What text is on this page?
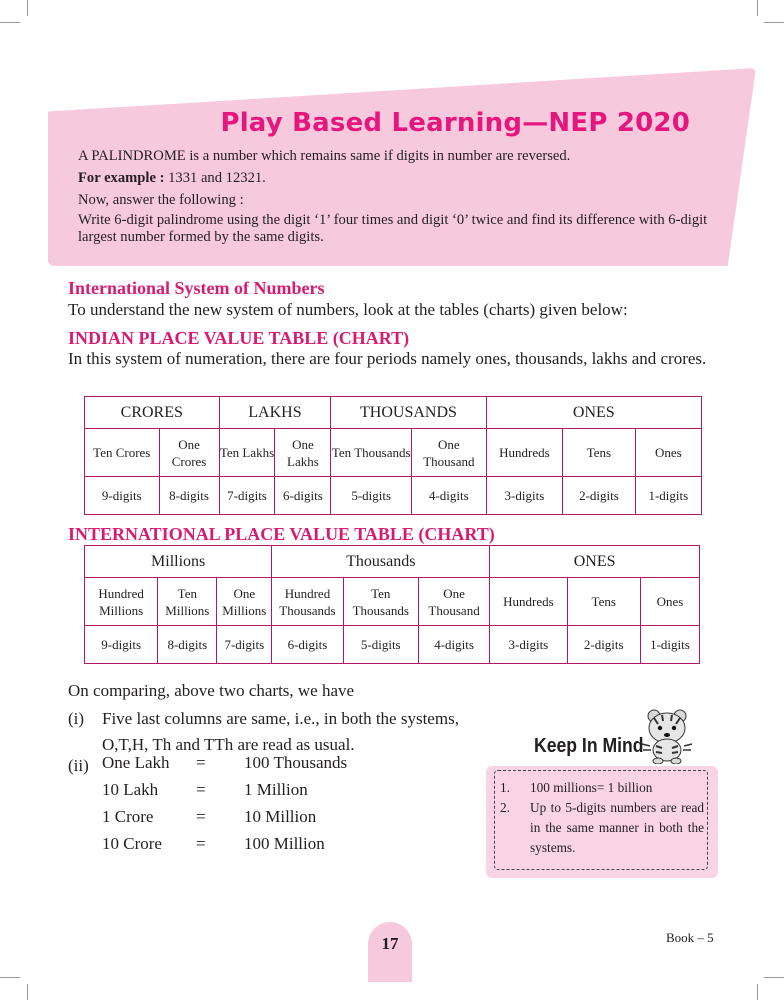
Play Based Learning—NEP 2020

A PALINDROME is a number which remains same if digits in number are reversed.

For example : 1331 and 12321.

Now, answer the following :

Write 6-digit palindrome using the digit ‘1’ four times and digit ‘0’ twice and find its difference with 6-digit largest number formed by the same digits.

International System of Numbers
To understand the new system of numbers, look at the tables (charts) given below:
INDIAN PLACE VALUE TABLE (CHART)
In this system of numeration, there are four periods namely ones, thousands, lakhs and crores.
CRORES		LAKHS		THOUSANDS		ONES		
Ten Crores	One Crores	Ten Lakhs	One Lakhs	Ten Thousands	One Thousand	Hundreds	Tens	Ones
9-digits	8-digits	7-digits	6-digits	5-digits	4-digits	3-digits	2-digits	1-digits
INTERNATIONAL PLACE VALUE TABLE (CHART)
Millions			Thousands			ONES		
Hundred Millions	Ten Millions	One Millions	Hundred Thousands	Ten Thousands	One Thousand	Hundreds	Tens	Ones
9-digits	8-digits	7-digits	6-digits	5-digits	4-digits	3-digits	2-digits	1-digits
On comparing, above two charts, we have
(i) Five last columns are same, i.e., in both the systems, O,T,H, Th and TTh are read as usual.
(ii) One Lakh = 100 Thousands
10 Lakh = 1 Million
1 Crore	= 10 Million
10 Crore = 100 Million
Keep In Mind
1. 100 millions= 1 billion
2. Up to 5-digits numbers are read in the same manner in both the systems.
17	Book – 5
